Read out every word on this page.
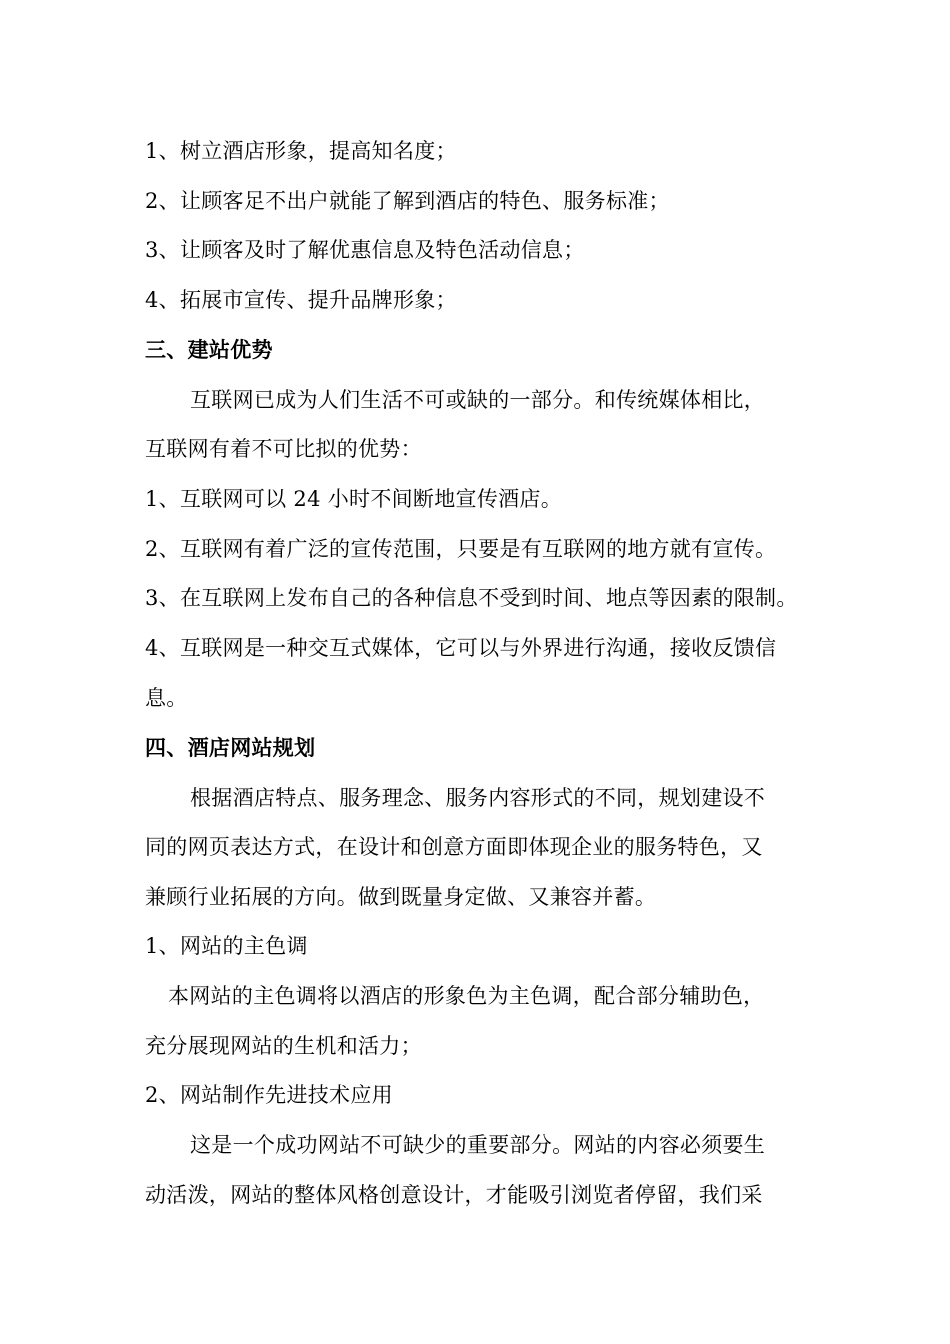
1、树立酒店形象，提高知名度；
2、让顾客足不出户就能了解到酒店的特色、服务标准；
3、让顾客及时了解优惠信息及特色活动信息；
4、拓展市宣传、提升品牌形象；
三、建站优势
互联网已成为人们生活不可或缺的一部分。和传统媒体相比，
互联网有着不可比拟的优势：
1、互联网可以 24 小时不间断地宣传酒店。
2、互联网有着广泛的宣传范围，只要是有互联网的地方就有宣传。
3、在互联网上发布自己的各种信息不受到时间、地点等因素的限制。
4、互联网是一种交互式媒体，它可以与外界进行沟通，接收反馈信
息。
四、酒店网站规划
根据酒店特点、服务理念、服务内容形式的不同，规划建设不
同的网页表达方式，在设计和创意方面即体现企业的服务特色，又
兼顾行业拓展的方向。做到既量身定做、又兼容并蓄。
1、网站的主色调
本网站的主色调将以酒店的形象色为主色调，配合部分辅助色，
充分展现网站的生机和活力；
2、网站制作先进技术应用
这是一个成功网站不可缺少的重要部分。网站的内容必须要生
动活泼，网站的整体风格创意设计，才能吸引浏览者停留，我们采
